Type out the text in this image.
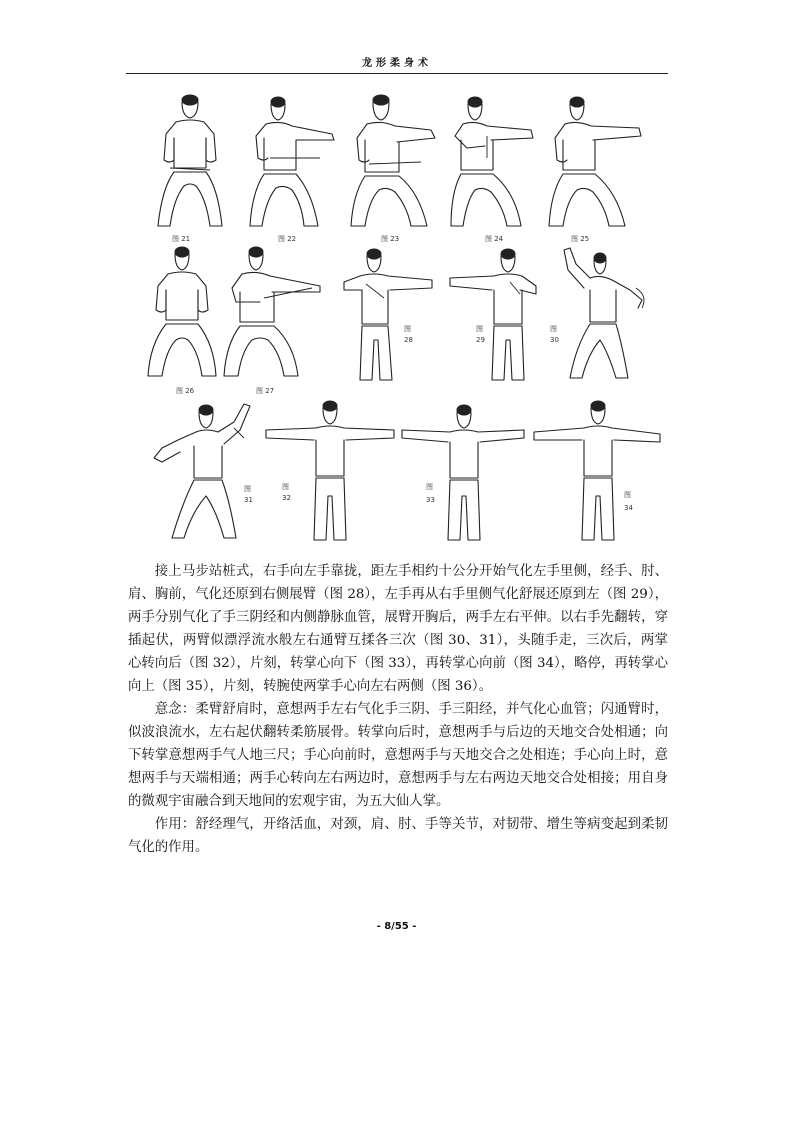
龙形柔身术
图 21	图 22	图 23	图 24	图 25
图 26	图 27
图
28
图
29
图
30
图
31
图
32
图
33
图
34

接上马步站桩式，右手向左手靠拢，距左手相约十公分开始气化左手里侧，经手、肘、肩、胸前，气化还原到右侧展臂（图 28），左手再从右手里侧气化舒展还原到左（图 29），两手分别气化了手三阴经和内侧静脉血管，展臂开胸后，两手左右平伸。以右手先翻转，穿插起伏，两臂似漂浮流水般左右通臂互揉各三次（图 30、31），头随手走，三次后，两掌心转向后（图 32），片刻，转掌心向下（图 33），再转掌心向前（图 34），略停，再转掌心向上（图 35），片刻，转腕使两掌手心向左右两侧（图 36）。

意念：柔臂舒肩时，意想两手左右气化手三阴、手三阳经，并气化心血管；闪通臂时，似波浪流水，左右起伏翻转柔筋展骨。转掌向后时，意想两手与后边的天地交合处相通；向下转掌意想两手气人地三尺；手心向前时，意想两手与天地交合之处相连；手心向上时，意想两手与天端相通；两手心转向左右两边时，意想两手与左右两边天地交合处相接；用自身的微观宇宙融合到天地间的宏观宇宙，为五大仙人掌。

作用：舒经理气，开络活血，对颈，肩、肘、手等关节，对韧带、增生等病变起到柔韧气化的作用。

- 8/55 -
